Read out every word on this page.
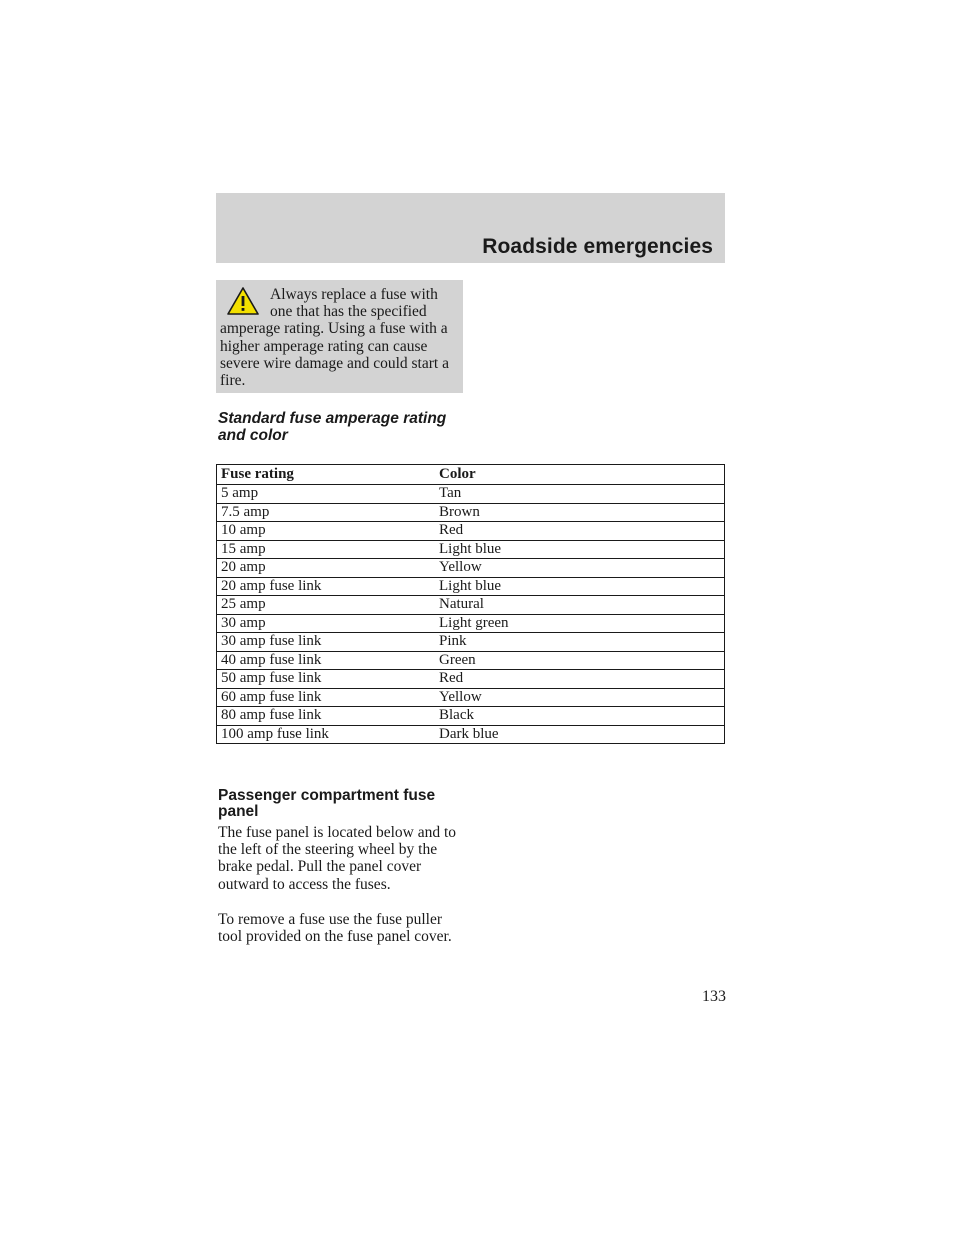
Roadside emergencies
Always replace a fuse with
one that has the specified
amperage rating. Using a fuse with a higher amperage rating can cause severe wire damage and could start a fire.
Standard fuse amperage rating and color
Fuse rating	Color
5 amp	Tan
7.5 amp	Brown
10 amp	Red
15 amp	Light blue
20 amp	Yellow
20 amp fuse link	Light blue
25 amp	Natural
30 amp	Light green
30 amp fuse link	Pink
40 amp fuse link	Green
50 amp fuse link	Red
60 amp fuse link	Yellow
80 amp fuse link	Black
100 amp fuse link	Dark blue
Passenger compartment fuse panel
The fuse panel is located below and to the left of the steering wheel by the brake pedal. Pull the panel cover outward to access the fuses.
To remove a fuse use the fuse puller tool provided on the fuse panel cover.
133
